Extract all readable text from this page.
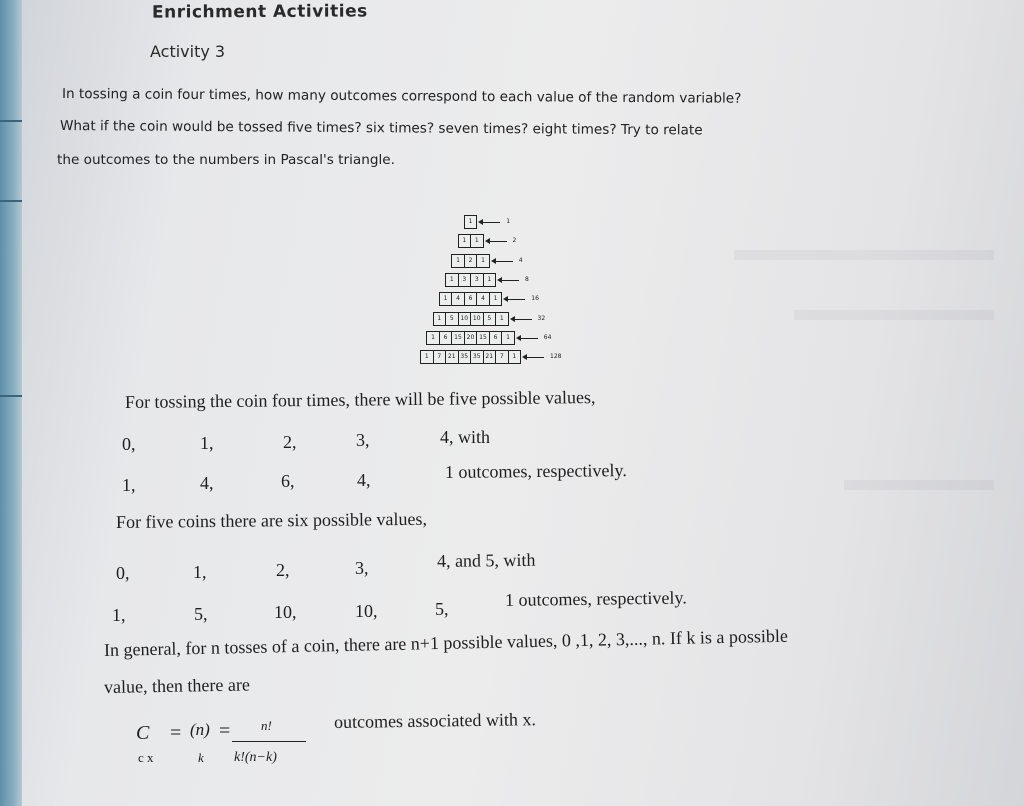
Enrichment Activities
Activity 3
In tossing a coin four times, how many outcomes correspond to each value of the random variable?
What if the coin would be tossed five times? six times? seven times? eight times? Try to relate
the outcomes to the numbers in Pascal's triangle.
1	1
1	1	2
1	2	1	4
1	3	3	1	8
1	4	6	4	1	16
1	5	10 10	5	1	32
1	6	15 20 15	6	1	64
1	7	21 35 35 21	7	1	128
For tossing the coin four times, there will be five possible values,
0,	1,	2,	3,	4, with
1,	4,	6,	4,	1 outcomes, respectively.
For five coins there are six possible values,
0,	1,	2,	3,	4, and 5, with
1,	5,	10,	10,	5,	1 outcomes, respectively.
In general, for n tosses of a coin, there are n+1 possible values, 0 ,1, 2, 3,..., n. If k is a possible
value, then there are
C
c x
= (n)
k
= n!
k!(n−k)
outcomes associated with x.
